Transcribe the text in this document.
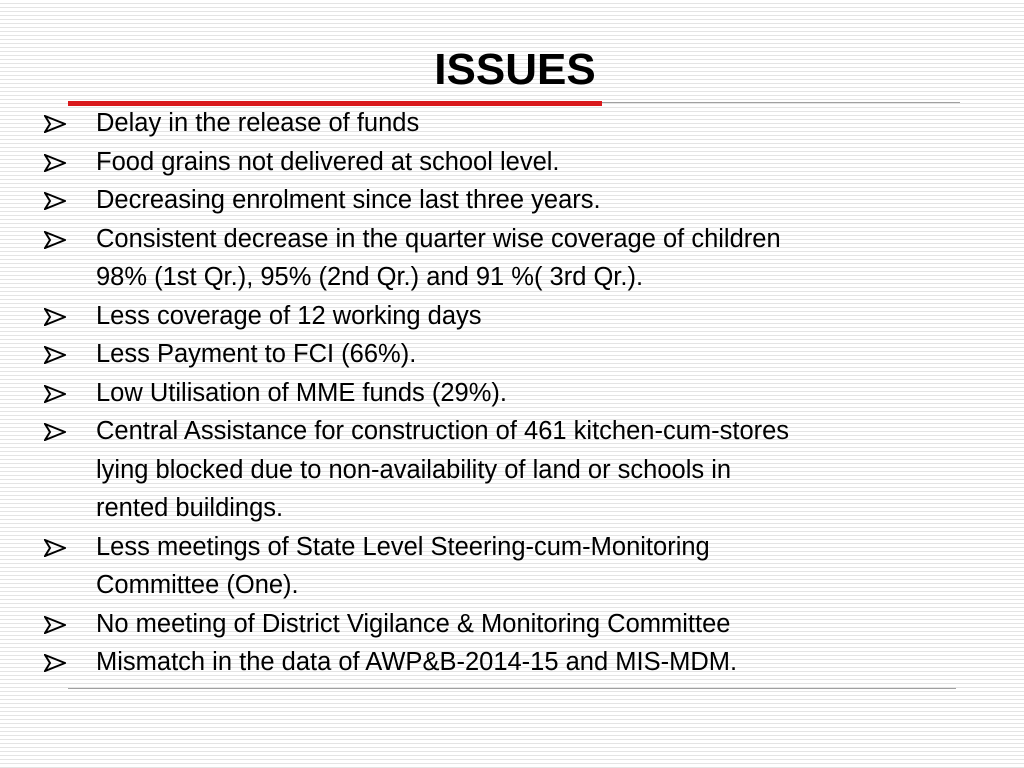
ISSUES
Delay in the release of funds
Food grains not delivered at school level.
Decreasing enrolment since last three years.
Consistent decrease in the quarter wise coverage of children
98% (1st Qr.), 95% (2nd Qr.) and 91 %( 3rd Qr.).
Less coverage of 12 working days
Less Payment to FCI (66%).
Low Utilisation of MME funds (29%).
Central Assistance for construction of 461 kitchen-cum-stores
lying blocked due to non-availability of land or schools in
rented buildings.
Less meetings of State Level Steering-cum-Monitoring
Committee (One).
No meeting of District Vigilance & Monitoring Committee
Mismatch in the data of AWP&B-2014-15 and MIS-MDM.
